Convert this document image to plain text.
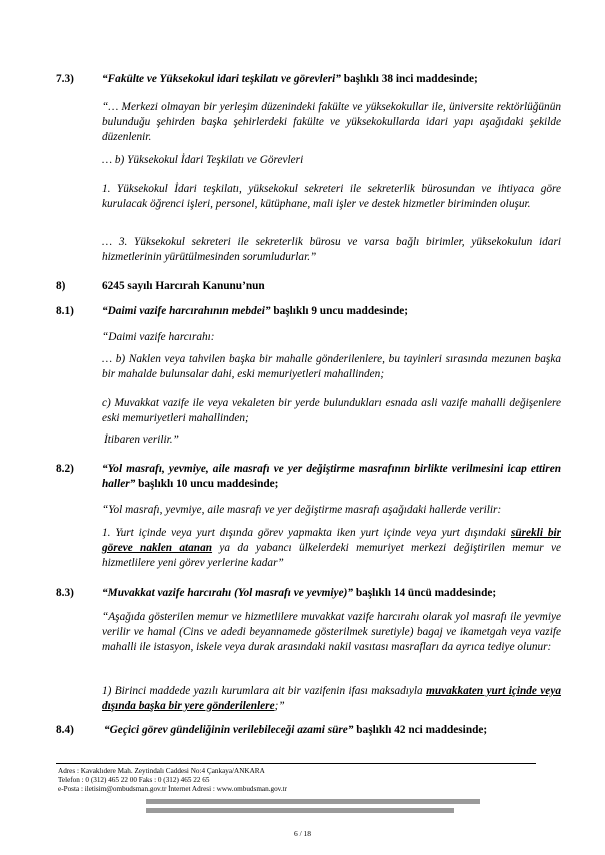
7.3)	“Fakülte ve Yüksekokul idari teşkilatı ve görevleri” başlıklı 38 inci maddesinde;
“… Merkezi olmayan bir yerleşim düzenindeki fakülte ve yüksekokullar ile, üniversite rektörlüğünün bulunduğu şehirden başka şehirlerdeki fakülte ve yüksekokullarda idari yapı aşağıdaki şekilde düzenlenir.
… b) Yüksekokul İdari Teşkilatı ve Görevleri
1. Yüksekokul İdari teşkilatı, yüksekokul sekreteri ile sekreterlik bürosundan ve ihtiyaca göre kurulacak öğrenci işleri, personel, kütüphane, mali işler ve destek hizmetler biriminden oluşur.
… 3. Yüksekokul sekreteri ile sekreterlik bürosu ve varsa bağlı birimler, yüksekokulun idari hizmetlerinin yürütülmesinden sorumludurlar.”
8)	6245 sayılı Harcırah Kanunu’nun
8.1)	“Daimi vazife harcırahının mebdei” başlıklı 9 uncu maddesinde;
“Daimi vazife harcırahı:
… b) Naklen veya tahvilen başka bir mahalle gönderilenlere, bu tayinleri sırasında mezunen başka bir mahalde bulunsalar dahi, eski memuriyetleri mahallinden;
c) Muvakkat vazife ile veya vekaleten bir yerde bulundukları esnada asli vazife mahalli değişenlere eski memuriyetleri mahallinden;
İtibaren verilir.”
8.2)	“Yol masrafı, yevmiye, aile masrafı ve yer değiştirme masrafının birlikte verilmesini icap ettiren haller” başlıklı 10 uncu maddesinde;
“Yol masrafı, yevmiye, aile masrafı ve yer değiştirme masrafı aşağıdaki hallerde verilir:
1. Yurt içinde veya yurt dışında görev yapmakta iken yurt içinde veya yurt dışındaki sürekli bir göreve naklen atanan ya da yabancı ülkelerdeki memuriyet merkezi değiştirilen memur ve hizmetlilere yeni görev yerlerine kadar”
8.3)	“Muvakkat vazife harcırahı (Yol masrafı ve yevmiye)” başlıklı 14 üncü maddesinde;
“Aşağıda gösterilen memur ve hizmetlilere muvakkat vazife harcırahı olarak yol masrafı ile yevmiye verilir ve hamal (Cins ve adedi beyannamede gösterilmek suretiyle) bagaj ve ikametgah veya vazife mahalli ile istasyon, iskele veya durak arasındaki nakil vasıtası masrafları da ayrıca tediye olunur:
1) Birinci maddede yazılı kurumlara ait bir vazifenin ifası maksadıyla muvakkaten yurt içinde veya dışında başka bir yere gönderilenlere;”
8.4)	“Geçici görev gündeliğinin verilebileceği azami süre” başlıklı 42 nci maddesinde;
Adres : Kavaklıdere Mah. Zeytindalı Caddesi No:4 Çankaya/ANKARA
Telefon : 0 (312) 465 22 00 Faks : 0 (312) 465 22 65
e-Posta : iletisim@ombudsman.gov.tr İnternet Adresi : www.ombudsman.gov.tr
6 / 18
